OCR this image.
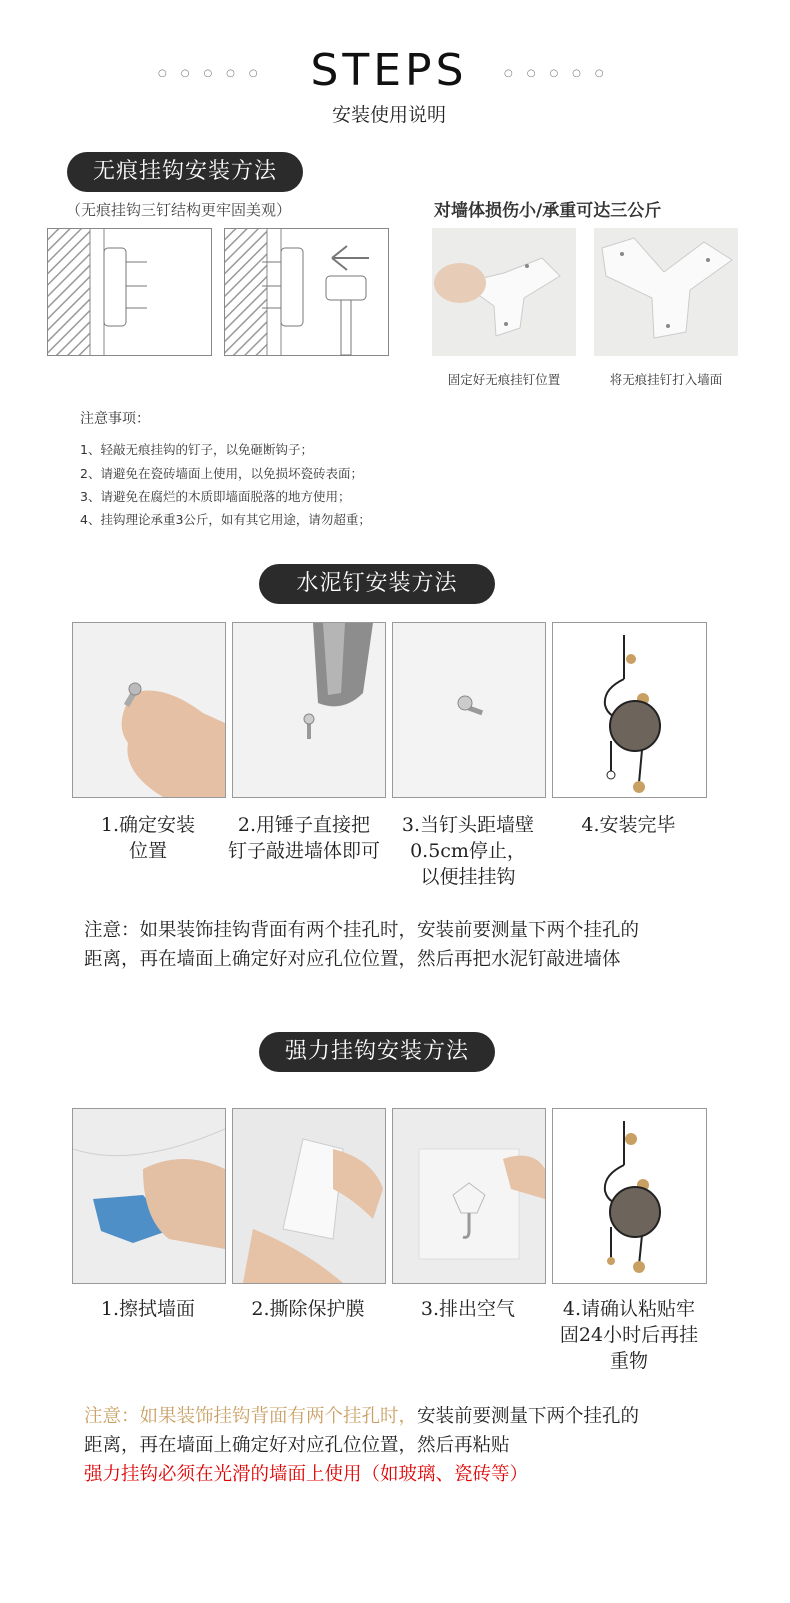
○○○○○	○○○○○
STEPS
安装使用说明
无痕挂钩安装方法
（无痕挂钩三钉结构更牢固美观）	对墙体损伤小/承重可达三公斤
固定好无痕挂钉位置	将无痕挂钉打入墙面
注意事项：
1、轻敲无痕挂钩的钉子，以免砸断钩子；
2、请避免在瓷砖墙面上使用，以免损坏瓷砖表面；
3、请避免在腐烂的木质即墙面脱落的地方使用；
4、挂钩理论承重3公斤，如有其它用途，请勿超重；
水泥钉安装方法
1.确定安装
位置
2.用锤子直接把
钉子敲进墙体即可
3.当钉头距墙壁
0.5cm停止，
以便挂挂钩
4.安装完毕
注意：如果装饰挂钩背面有两个挂孔时，安装前要测量下两个挂孔的
距离，再在墙面上确定好对应孔位位置，然后再把水泥钉敲进墙体
强力挂钩安装方法
1.擦拭墙面	2.撕除保护膜	3.排出空气	4.请确认粘贴牢
固24小时后再挂
重物
注意：如果装饰挂钩背面有两个挂孔时，安装前要测量下两个挂孔的
距离，再在墙面上确定好对应孔位位置，然后再粘贴
强力挂钩必须在光滑的墙面上使用（如玻璃、瓷砖等）
